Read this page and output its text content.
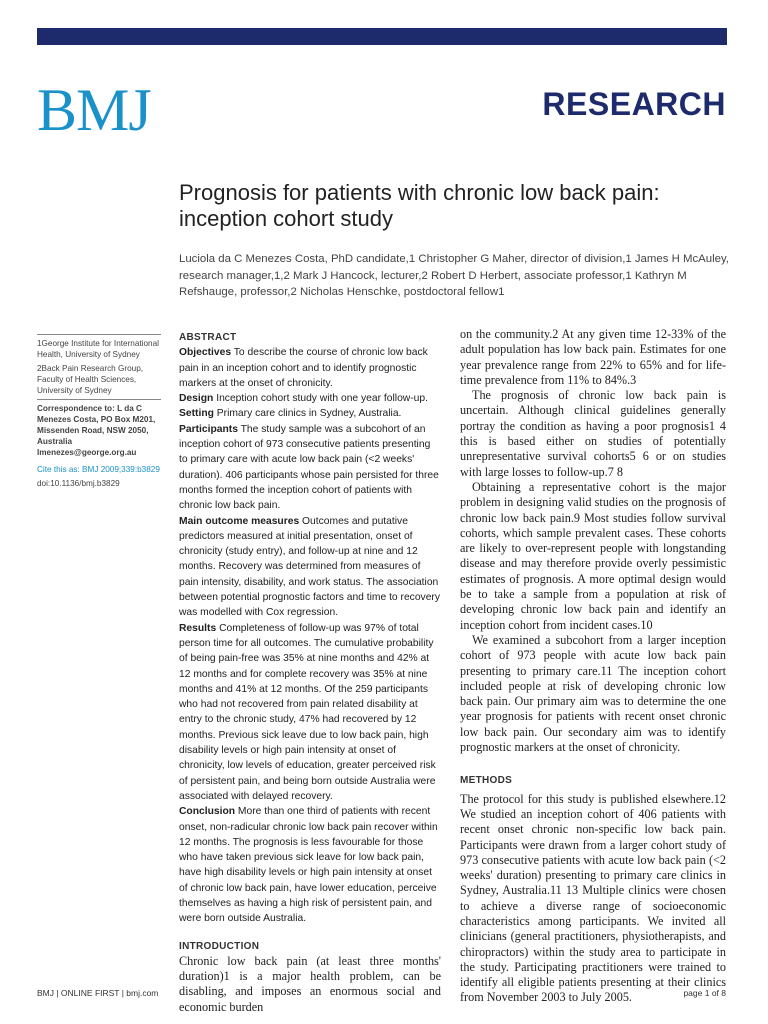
BMJ	RESEARCH
Prognosis for patients with chronic low back pain: inception cohort study
Luciola da C Menezes Costa, PhD candidate,1 Christopher G Maher, director of division,1 James H McAuley, research manager,1,2 Mark J Hancock, lecturer,2 Robert D Herbert, associate professor,1 Kathryn M Refshauge, professor,2 Nicholas Henschke, postdoctoral fellow1

1George Institute for International Health, University of Sydney

2Back Pain Research Group, Faculty of Health Sciences, University of Sydney

Correspondence to: L da C Menezes Costa, PO Box M201, Missenden Road, NSW 2050, Australia lmenezes@george.org.au

Cite this as: BMJ 2009;339:b3829

doi:10.1136/bmj.b3829

ABSTRACT

Objectives To describe the course of chronic low back pain in an inception cohort and to identify prognostic markers at the onset of chronicity.

Design Inception cohort study with one year follow-up.

Setting Primary care clinics in Sydney, Australia.

Participants The study sample was a subcohort of an inception cohort of 973 consecutive patients presenting to primary care with acute low back pain (<2 weeks' duration). 406 participants whose pain persisted for three months formed the inception cohort of patients with chronic low back pain.

Main outcome measures Outcomes and putative predictors measured at initial presentation, onset of chronicity (study entry), and follow-up at nine and 12 months. Recovery was determined from measures of pain intensity, disability, and work status. The association between potential prognostic factors and time to recovery was modelled with Cox regression.

Results Completeness of follow-up was 97% of total person time for all outcomes. The cumulative probability of being pain-free was 35% at nine months and 42% at 12 months and for complete recovery was 35% at nine months and 41% at 12 months. Of the 259 participants who had not recovered from pain related disability at entry to the chronic study, 47% had recovered by 12 months. Previous sick leave due to low back pain, high disability levels or high pain intensity at onset of chronicity, low levels of education, greater perceived risk of persistent pain, and being born outside Australia were associated with delayed recovery.

Conclusion More than one third of patients with recent onset, non-radicular chronic low back pain recover within 12 months. The prognosis is less favourable for those who have taken previous sick leave for low back pain, have high disability levels or high pain intensity at onset of chronic low back pain, have lower education, perceive themselves as having a high risk of persistent pain, and were born outside Australia.

INTRODUCTION

Chronic low back pain (at least three months' duration)1 is a major health problem, can be disabling, and imposes an enormous social and economic burden

on the community.2 At any given time 12-33% of the adult population has low back pain. Estimates for one year prevalence range from 22% to 65% and for life-time prevalence from 11% to 84%.3

The prognosis of chronic low back pain is uncertain. Although clinical guidelines generally portray the condition as having a poor prognosis1 4 this is based either on studies of potentially unrepresentative survival cohorts5 6 or on studies with large losses to follow-up.7 8

Obtaining a representative cohort is the major problem in designing valid studies on the prognosis of chronic low back pain.9 Most studies follow survival cohorts, which sample prevalent cases. These cohorts are likely to over-represent people with longstanding disease and may therefore provide overly pessimistic estimates of prognosis. A more optimal design would be to take a sample from a population at risk of developing chronic low back pain and identify an inception cohort from incident cases.10

We examined a subcohort from a larger inception cohort of 973 people with acute low back pain presenting to primary care.11 The inception cohort included people at risk of developing chronic low back pain. Our primary aim was to determine the one year prognosis for patients with recent onset chronic low back pain. Our secondary aim was to identify prognostic markers at the onset of chronicity.

METHODS

The protocol for this study is published elsewhere.12 We studied an inception cohort of 406 patients with recent onset chronic non-specific low back pain. Participants were drawn from a larger cohort study of 973 consecutive patients with acute low back pain (<2 weeks' duration) presenting to primary care clinics in Sydney, Australia.11 13 Multiple clinics were chosen to achieve a diverse range of socioeconomic characteristics among participants. We invited all clinicians (general practitioners, physiotherapists, and chiropractors) within the study area to participate in the study. Participating practitioners were trained to identify all eligible patients presenting at their clinics from November 2003 to July 2005.

BMJ | ONLINE FIRST | bmj.com	page 1 of 8
